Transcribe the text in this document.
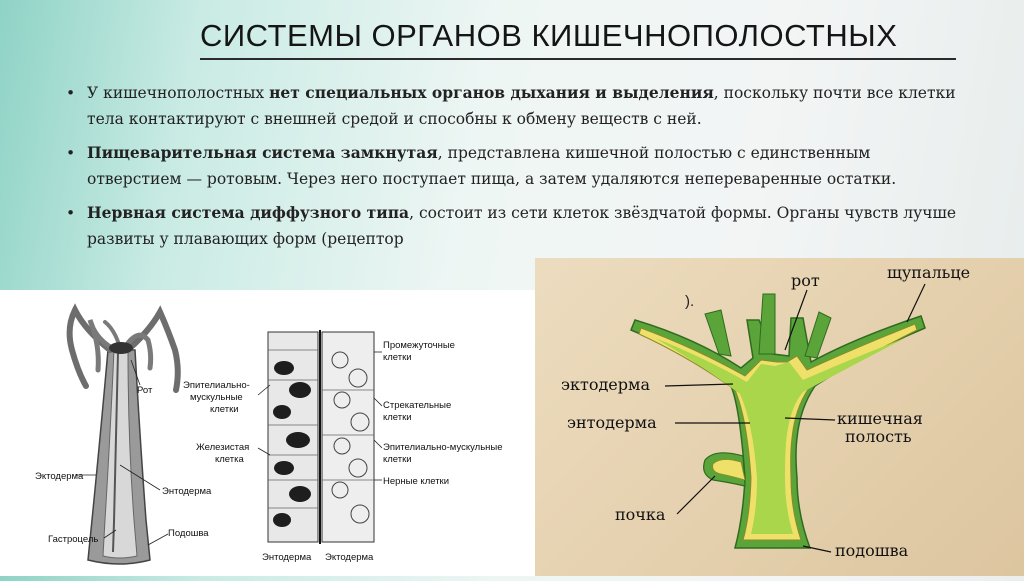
СИСТЕМЫ ОРГАНОВ КИШЕЧНОПОЛОСТНЫХ
• У кишечнополостных нет специальных органов дыхания и выделения, поскольку почти все клетки тела контактируют с внешней средой и способны к обмену веществ с ней.
• Пищеварительная система замкнутая, представлена кишечной полостью с единственным отверстием — ротовым. Через него поступает пища, а затем удаляются непереваренные остатки.
• Нервная система диффузного типа, состоит из сети клеток звёздчатой формы. Органы чувств лучше развиты у плавающих форм (рецептор
Рот
Эктодерма
Энтодерма
Гастроцель
Подошва
Промежуточные
клетки
Эпителиально-
мускульные
клетки	Стрекательные
клетки
Железистая
клетка
Эпителиально-мускульные
клетки
Нерные клетки
Энтодерма Эктодерма
).
рот	щупальце
эктодерма
энтодерма	кишечная
полость
почка
подошва
